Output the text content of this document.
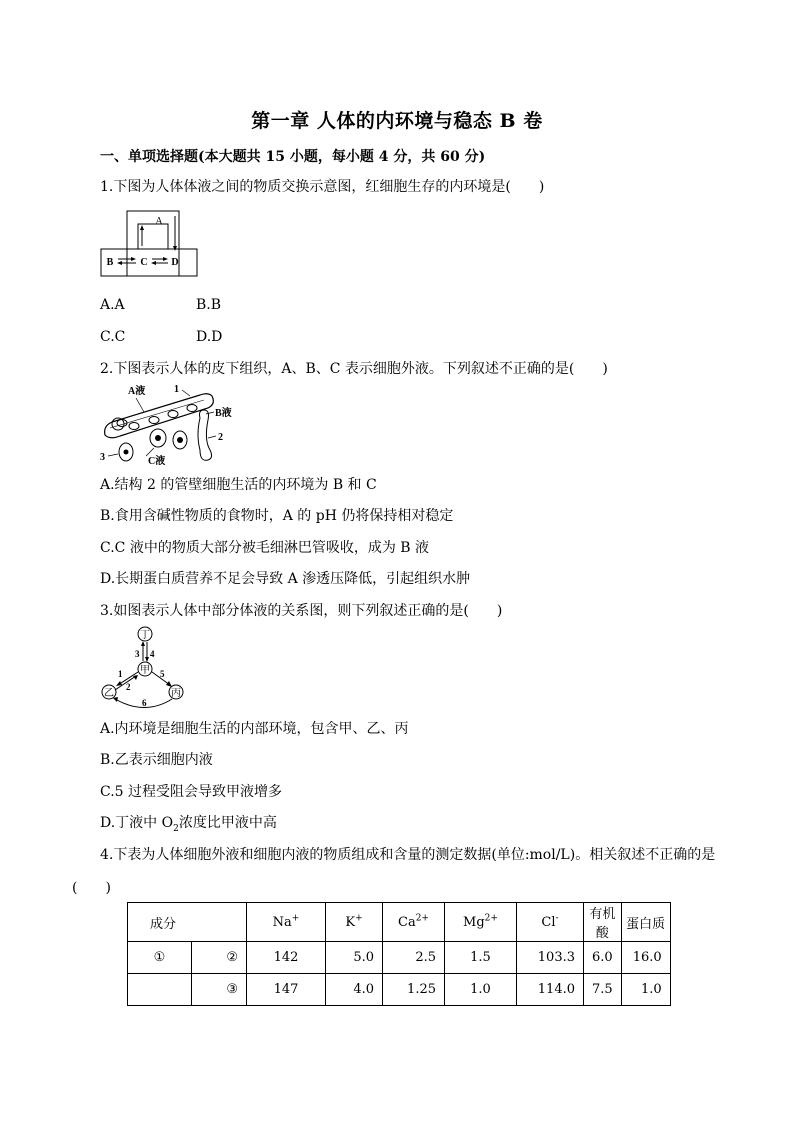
第一章 人体的内环境与稳态 B 卷
一、单项选择题(本大题共 15 小题，每小题 4 分，共 60 分)
1.下图为人体体液之间的物质交换示意图，红细胞生存的内环境是(　　)
A
B	C D
A.A	B.B
C.C	D.D
2.下图表示人体的皮下组织，A、B、C 表示细胞外液。下列叙述不正确的是(　　)
A液	1
B液
2
3	C液
A.结构 2 的管壁细胞生活的内环境为 B 和 C
B.食用含碱性物质的食物时，A 的 pH 仍将保持相对稳定
C.C 液中的物质大部分被毛细淋巴管吸收，成为 B 液
D.长期蛋白质营养不足会导致 A 渗透压降低，引起组织水肿
3.如图表示人体中部分体液的关系图，则下列叙述正确的是(　　)
丁
甲
乙	丙
3 4
1
2
5
6
A.内环境是细胞生活的内部环境，包含甲、乙、丙
B.乙表示细胞内液
C.5 过程受阻会导致甲液增多
D.丁液中 $O_2$浓度比甲液中高
4.下表为人体细胞外液和细胞内液的物质组成和含量的测定数据(单位:mol/L)。相关叙述不正确的是
(　　)
成分		Na+	K+	$Ca^{2+}$	$Mg^{2+}$	Cl-	有机酸	蛋白质
①	②	142	5.0	2.5	1.5	103.3	6.0	16.0
	③	147	4.0	1.25	1.0	114.0	7.5	1.0
